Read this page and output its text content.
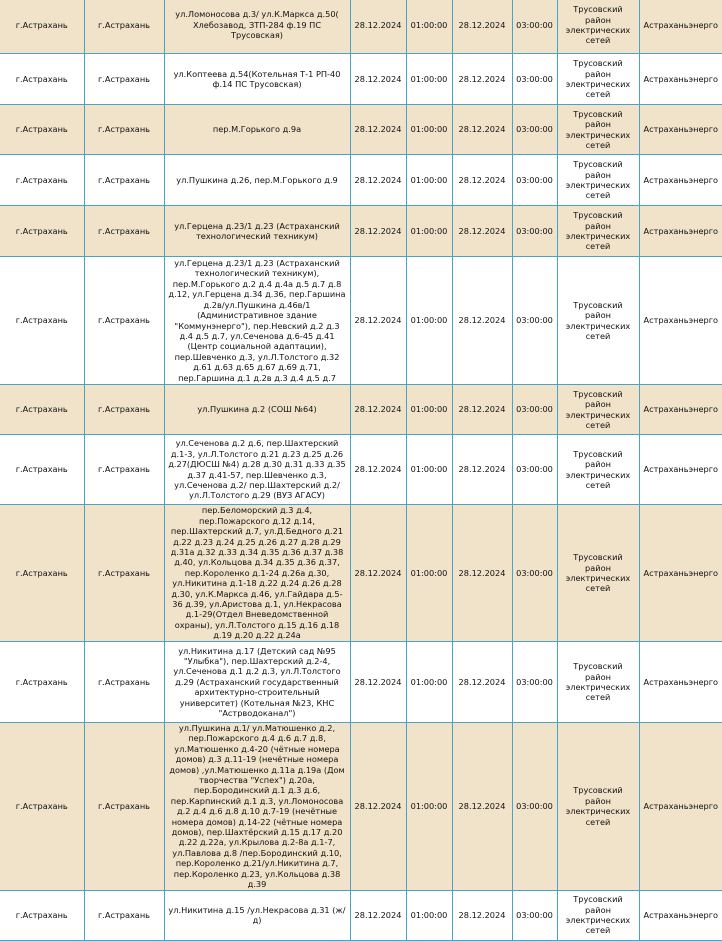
г.Астрахань	г.Астрахань	ул.Ломоносова д.3/ ул.К.Маркса д.50( Хлебозавод, ЗТП-284 ф.19 ПС Трусовская)	28.12.2024	01:00:00	28.12.2024	03:00:00	Трусовский район электрических сетей	Астраханьэнерго
г.Астрахань	г.Астрахань	ул.Коптеева д.54(Котельная Т-1 РП-40 ф.14 ПС Трусовская)	28.12.2024	01:00:00	28.12.2024	03:00:00	Трусовский район электрических сетей	Астраханьэнерго
г.Астрахань	г.Астрахань	пер.М.Горького д.9а	28.12.2024	01:00:00	28.12.2024	03:00:00	Трусовский район электрических сетей	Астраханьэнерго
г.Астрахань	г.Астрахань	ул.Пушкина д.26, пер.М.Горького д.9	28.12.2024	01:00:00	28.12.2024	03:00:00	Трусовский район электрических сетей	Астраханьэнерго
г.Астрахань	г.Астрахань	ул.Герцена д.23/1 д.23 (Астраханский технологический техникум)	28.12.2024	01:00:00	28.12.2024	03:00:00	Трусовский район электрических сетей	Астраханьэнерго
г.Астрахань	г.Астрахань	ул.Герцена д.23/1 д.23 (Астраханский технологический техникум), пер.М.Горького д.2 д.4 д.4а д.5 д.7 д.8 д.12, ул.Герцена д.34 д.36, пер.Гаршина д.2в/ул.Пушкина д.46в/1 (Административное здание "Коммунэнерго"), пер.Невский д.2 д.3 д.4 д.5 д.7, ул.Сеченова д.6-45 д.41 (Центр социальной адаптации), пер.Шевченко д.3, ул.Л.Толстого д.32 д.61 д.63 д.65 д.67 д.69 д.71, пер.Гаршина д.1 д.2в д.3 д.4 д.5 д.7	28.12.2024	01:00:00	28.12.2024	03:00:00	Трусовский район электрических сетей	Астраханьэнерго
г.Астрахань	г.Астрахань	ул.Пушкина д.2 (СОШ №64)	28.12.2024	01:00:00	28.12.2024	03:00:00	Трусовский район электрических сетей	Астраханьэнерго
г.Астрахань	г.Астрахань	ул.Сеченова д.2 д.6, пер.Шахтерский д.1-3, ул.Л.Толстого д.21 д.23 д.25 д.26 д.27(ДЮСШ №4) д.28 д.30 д.31 д.33 д.35 д.37 д.41-57, пер.Шевченко д.3, ул.Сеченова д.2/ пер.Шахтерский д.2/ ул.Л.Толстого д.29 (ВУЗ АГАСУ)	28.12.2024	01:00:00	28.12.2024	03:00:00	Трусовский район электрических сетей	Астраханьэнерго
г.Астрахань	г.Астрахань	пер.Беломорский д.3 д.4, пер.Пожарского д.12 д.14, пер.Шахтерский д.7, ул.Д.Бедного д.21 д.22 д.23 д.24 д.25 д.26 д.27 д.28 д.29 д.31а д.32 д.33 д.34 д.35 д.36 д.37 д.38 д.40, ул.Кольцова д.34 д.35 д.36 д.37, пер.Короленко д.1-24 д.26а д.30, ул.Никитина д.1-18 д.22 д.24 д.26 д.28 д.30, ул.К.Маркса д.46, ул.Гайдара д.5-36 д.39, ул.Аристова д.1, ул.Некрасова д.1-29(Отдел Вневедомственной охраны), ул.Л.Толстого д.15 д.16 д.18 д.19 д.20 д.22 д.24а	28.12.2024	01:00:00	28.12.2024	03:00:00	Трусовский район электрических сетей	Астраханьэнерго
г.Астрахань	г.Астрахань	ул.Никитина д.17 (Детский сад №95 "Улыбка"), пер.Шахтерский д.2-4, ул.Сеченова д.1 д.2 д.3, ул.Л.Толстого д.29 (Астраханский государственный архитектурно-строительный университет) (Котельная №23, КНС "Астрводоканал")	28.12.2024	01:00:00	28.12.2024	03:00:00	Трусовский район электрических сетей	Астраханьэнерго
г.Астрахань	г.Астрахань	ул.Пушкина д.1/ ул.Матюшенко д.2, пер.Пожарского д.4 д.6 д.7 д.8, ул.Матюшенко д.4-20 (чётные номера домов) д.3 д.11-19 (нечётные номера домов) ,ул.Матюшенко д.11а д.19а (Дом творчества "Успех") д.20а, пер.Бородинский д.1 д.3 д.6, пер.Карпинский д.1 д.3, ул.Ломоносова д.2 д.4 д.6 д.8 д.10 д.7-19 (нечётные номера домов) д.14-22 (чётные номера домов), пер.Шахтёрский д.15 д.17 д.20 д.22 д.22а, ул.Крылова д.2-8а д.1-7, ул.Павлова д.8 /пер.Бородинский д.10, пер.Короленко д.21/ул.Никитина д.7, пер.Короленко д.23, ул.Кольцова д.38 д.39	28.12.2024	01:00:00	28.12.2024	03:00:00	Трусовский район электрических сетей	Астраханьэнерго
г.Астрахань	г.Астрахань	ул.Никитина д.15 /ул.Некрасова д.31 (ж/д)	28.12.2024	01:00:00	28.12.2024	03:00:00	Трусовский район электрических сетей	Астраханьэнерго
